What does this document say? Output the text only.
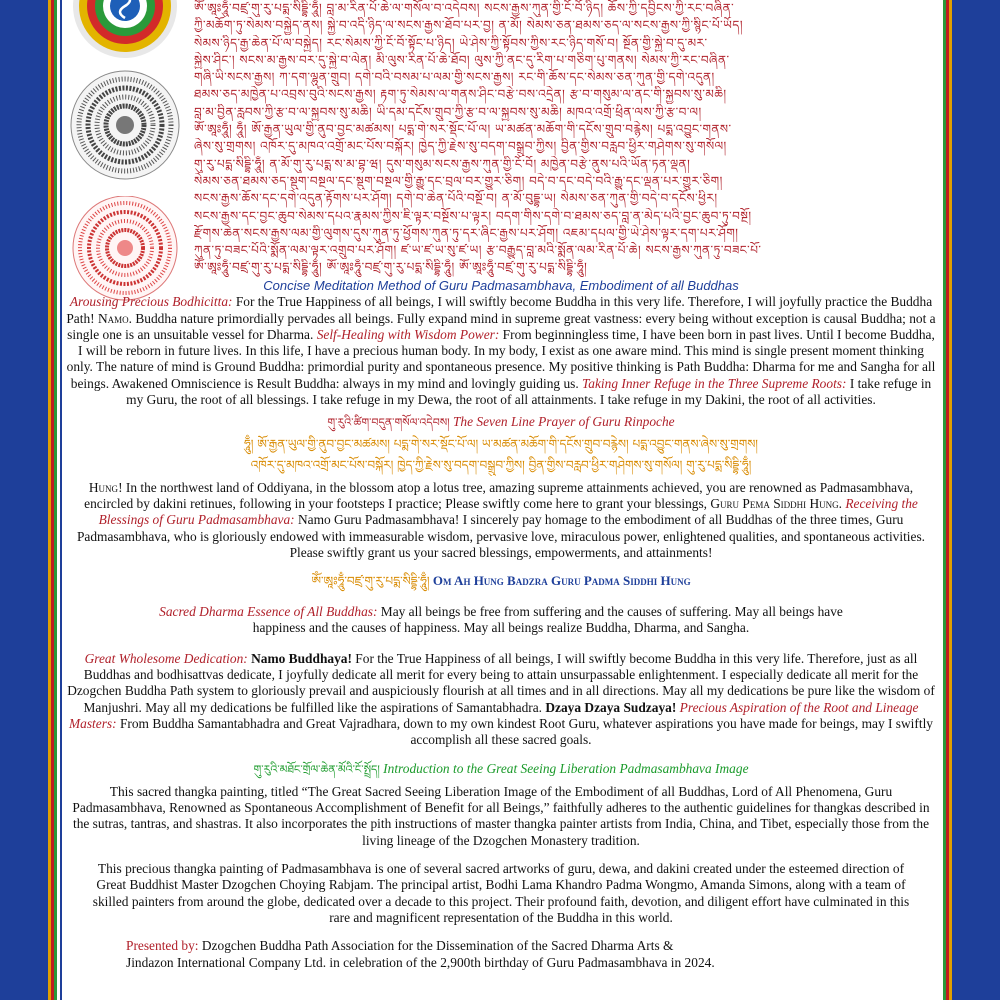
ཨོཾ་ཨཱཿཧཱུྃ་བཛྲ་གུ་རུ་པདྨ་སིདྡྷི་ཧཱུྃ། བླ་མ་རིན་པོ་ཆེ་ལ་གསོལ་བ་འདེབས། སངས་རྒྱས་ཀུན་གྱི་ངོ་བོ་ཉིད། ཆོས་ཀྱི་དབྱིངས་ཀྱི་རང་བཞིན་
ཀྱི་མཆོག་ཏུ་སེམས་བསྐྱེད་ནས། སྐྱེ་བ་འདི་ཉིད་ལ་སངས་རྒྱས་ཐོབ་པར་བྱ། ན་མོ། སེམས་ཅན་ཐམས་ཅད་ལ་སངས་རྒྱས་ཀྱི་སྙིང་པོ་ཡོད།
སེམས་ཉིད་རྒྱ་ཆེན་པོ་ལ་བསྐྱེད། རང་སེམས་ཀྱི་ངོ་བོ་སྟོང་པ་ཉིད། ཡེ་ཤེས་ཀྱི་སྟོབས་ཀྱིས་རང་ཉིད་གསོ་བ། སྔོན་གྱི་སྐྱེ་བ་དུ་མར་
སྐྱེས་ཤིང་། སངས་མ་རྒྱས་བར་དུ་སྐྱེ་བ་ལེན། མི་ལུས་རིན་པོ་ཆེ་ཐོབ། ལུས་ཀྱི་ནང་དུ་རིག་པ་གཅིག་པུ་གནས། སེམས་ཀྱི་རང་བཞིན་
གཞི་ཡི་སངས་རྒྱས། ཀ་དག་ལྷུན་གྲུབ། དགེ་བའི་བསམ་པ་ལམ་གྱི་སངས་རྒྱས། རང་གི་ཆོས་དང་སེམས་ཅན་ཀུན་གྱི་དགེ་འདུན།
ཐམས་ཅད་མཁྱེན་པ་འབྲས་བུའི་སངས་རྒྱས། རྟག་ཏུ་སེམས་ལ་གནས་ཤིང་བརྩེ་བས་འདྲེན། རྩ་བ་གསུམ་ལ་ནང་གི་སྐྱབས་སུ་མཆི།
བླ་མ་བྱིན་རླབས་ཀྱི་རྩ་བ་ལ་སྐྱབས་སུ་མཆི། ཡི་དམ་དངོས་གྲུབ་ཀྱི་རྩ་བ་ལ་སྐྱབས་སུ་མཆི། མཁའ་འགྲོ་ཕྲིན་ལས་ཀྱི་རྩ་བ་ལ།
ཨོཾ་ཨཱཿཧཱུྃ། ཧཱུྃ། ཨོ་རྒྱན་ཡུལ་གྱི་ནུབ་བྱང་མཚམས། པདྨ་གེ་སར་སྡོང་པོ་ལ། ཡ་མཚན་མཆོག་གི་དངོས་གྲུབ་བརྙེས། པདྨ་འབྱུང་གནས་
ཞེས་སུ་གྲགས། འཁོར་དུ་མཁའ་འགྲོ་མང་པོས་བསྐོར། ཁྱེད་ཀྱི་རྗེས་སུ་བདག་བསྒྲུབ་ཀྱིས། བྱིན་གྱིས་བརླབ་ཕྱིར་གཤེགས་སུ་གསོལ།
གུ་རུ་པདྨ་སིདྡྷི་ཧཱུྃ། ན་མོ་གུ་རུ་པདྨ་ས་མ་བྷ་ཝ། དུས་གསུམ་སངས་རྒྱས་ཀུན་གྱི་ངོ་བོ། མཁྱེན་བརྩེ་ནུས་པའི་ཡོན་ཏན་ལྡན།
སེམས་ཅན་ཐམས་ཅད་སྡུག་བསྔལ་དང་སྡུག་བསྔལ་གྱི་རྒྱུ་དང་བྲལ་བར་གྱུར་ཅིག། བདེ་བ་དང་བདེ་བའི་རྒྱུ་དང་ལྡན་པར་གྱུར་ཅིག།
སངས་རྒྱས་ཆོས་དང་དགེ་འདུན་རྟོགས་པར་ཤོག། དགེ་བ་ཆེན་པོའི་བསྔོ་བ། ན་མོ་བུདྡྷ་ཡ། སེམས་ཅན་ཀུན་གྱི་བདེ་བ་དངོས་ཕྱིར།
སངས་རྒྱས་དང་བྱང་ཆུབ་སེམས་དཔའ་རྣམས་ཀྱིས་ཇི་ལྟར་བསྔོས་པ་ལྟར། བདག་གིས་དགེ་བ་ཐམས་ཅད་བླ་ན་མེད་པའི་བྱང་ཆུབ་ཏུ་བསྔོ།
རྫོགས་ཆེན་སངས་རྒྱས་ལམ་གྱི་ལུགས་དུས་ཀུན་ཏུ་ཕྱོགས་ཀུན་ཏུ་དར་ཞིང་རྒྱས་པར་ཤོག། འཇམ་དཔལ་གྱི་ཡེ་ཤེས་ལྟར་དག་པར་ཤོག།
ཀུན་ཏུ་བཟང་པོའི་སྨོན་ལམ་ལྟར་འགྲུབ་པར་ཤོག། ཛ་ཡ་ཛ་ཡ་སུ་ཛ་ཡ། རྩ་བརྒྱུད་བླ་མའི་སྨོན་ལམ་རིན་པོ་ཆེ། སངས་རྒྱས་ཀུན་ཏུ་བཟང་པོ་
ཨོཾ་ཨཱཿཧཱུྃ་བཛྲ་གུ་རུ་པདྨ་སིདྡྷི་ཧཱུྃ། ཨོཾ་ཨཱཿཧཱུྃ་བཛྲ་གུ་རུ་པདྨ་སིདྡྷི་ཧཱུྃ། ཨོཾ་ཨཱཿཧཱུྃ་བཛྲ་གུ་རུ་པདྨ་སིདྡྷི་ཧཱུྃ།

Concise Meditation Method of Guru Padmasambhava, Embodiment of all Buddhas

Arousing Precious Bodhicitta: For the True Happiness of all beings, I will swiftly become Buddha in this very life. Therefore, I will joyfully practice the Buddha Path! Namo. Buddha nature primordially pervades all beings. Fully expand mind in supreme great vastness: every being without exception is causal Buddha; not a single one is an unsuitable vessel for Dharma. Self-Healing with Wisdom Power: From beginningless time, I have been born in past lives. Until I become Buddha, I will be reborn in future lives. In this life, I have a precious human body. In my body, I exist as one aware mind. This mind is single present moment thinking only. The nature of mind is Ground Buddha: primordial purity and spontaneous presence. My positive thinking is Path Buddha: Dharma for me and Sangha for all beings. Awakened Omniscience is Result Buddha: always in my mind and lovingly guiding us. Taking Inner Refuge in the Three Supreme Roots: I take refuge in my Guru, the root of all blessings. I take refuge in my Dewa, the root of all attainments. I take refuge in my Dakini, the root of all activities.

གུ་རུའི་ཚིག་བདུན་གསོལ་འདེབས། The Seven Line Prayer of Guru Rinpoche

ཧཱུྃ། ཨོ་རྒྱན་ཡུལ་གྱི་ནུབ་བྱང་མཚམས། པདྨ་གེ་སར་སྡོང་པོ་ལ། ཡ་མཚན་མཆོག་གི་དངོས་གྲུབ་བརྙེས། པདྨ་འབྱུང་གནས་ཞེས་སུ་གྲགས།
འཁོར་དུ་མཁའ་འགྲོ་མང་པོས་བསྐོར། ཁྱེད་ཀྱི་རྗེས་སུ་བདག་བསྒྲུབ་ཀྱིས། བྱིན་གྱིས་བརླབ་ཕྱིར་གཤེགས་སུ་གསོལ། གུ་རུ་པདྨ་སིདྡྷི་ཧཱུྃ།

Hung! In the northwest land of Oddiyana, in the blossom atop a lotus tree, amazing supreme attainments achieved, you are renowned as Padmasambhava, encircled by dakini retinues, following in your footsteps I practice; Please swiftly come here to grant your blessings, Guru Pema Siddhi Hung. Receiving the Blessings of Guru Padmasambhava: Namo Guru Padmasambhava! I sincerely pay homage to the embodiment of all Buddhas of the three times, Guru Padmasambhava, who is gloriously endowed with immeasurable wisdom, pervasive love, miraculous power, enlightened qualities, and spontaneous activities. Please swiftly grant us your sacred blessings, empowerments, and attainments!

ཨོཾ་ཨཱཿཧཱུྃ་བཛྲ་གུ་རུ་པདྨ་སིདྡྷི་ཧཱུྃ། Om Ah Hung Badzra Guru Padma Siddhi Hung

Sacred Dharma Essence of All Buddhas: May all beings be free from suffering and the causes of suffering. May all beings have happiness and the causes of happiness. May all beings realize Buddha, Dharma, and Sangha.

Great Wholesome Dedication: Namo Buddhaya! For the True Happiness of all beings, I will swiftly become Buddha in this very life. Therefore, just as all Buddhas and bodhisattvas dedicate, I joyfully dedicate all merit for every being to attain unsurpassable enlightenment. I especially dedicate all merit for the Dzogchen Buddha Path system to gloriously prevail and auspiciously flourish at all times and in all directions. May all my dedications be pure like the wisdom of Manjushri. May all my dedications be fulfilled like the aspirations of Samantabhadra. Dzaya Dzaya Sudzaya! Precious Aspiration of the Root and Lineage Masters: From Buddha Samantabhadra and Great Vajradhara, down to my own kindest Root Guru, whatever aspirations you have made for beings, may I swiftly accomplish all these sacred goals.

གུ་རུའི་མཐོང་གྲོལ་ཆེན་མོའི་ངོ་སྤྲོད། Introduction to the Great Seeing Liberation Padmasambhava Image

This sacred thangka painting, titled “The Great Sacred Seeing Liberation Image of the Embodiment of all Buddhas, Lord of All Phenomena, Guru Padmasambhava, Renowned as Spontaneous Accomplishment of Benefit for all Beings,” faithfully adheres to the authentic guidelines for thangkas described in the sutras, tantras, and shastras. It also incorporates the pith instructions of master thangka painter artists from India, China, and Tibet, especially those from the living lineage of the Dzogchen Monastery tradition.

This precious thangka painting of Padmasambhava is one of several sacred artworks of guru, dewa, and dakini created under the esteemed direction of Great Buddhist Master Dzogchen Choying Rabjam. The principal artist, Bodhi Lama Khandro Padma Wongmo, Amanda Simons, along with a team of skilled painters from around the globe, dedicated over a decade to this project. Their profound faith, devotion, and diligent effort have culminated in this rare and magnificent representation of the Buddha in this world.

Presented by: Dzogchen Buddha Path Association for the Dissemination of the Sacred Dharma Arts &

Jindazon International Company Ltd. in celebration of the 2,900th birthday of Guru Padmasambhava in 2024.
